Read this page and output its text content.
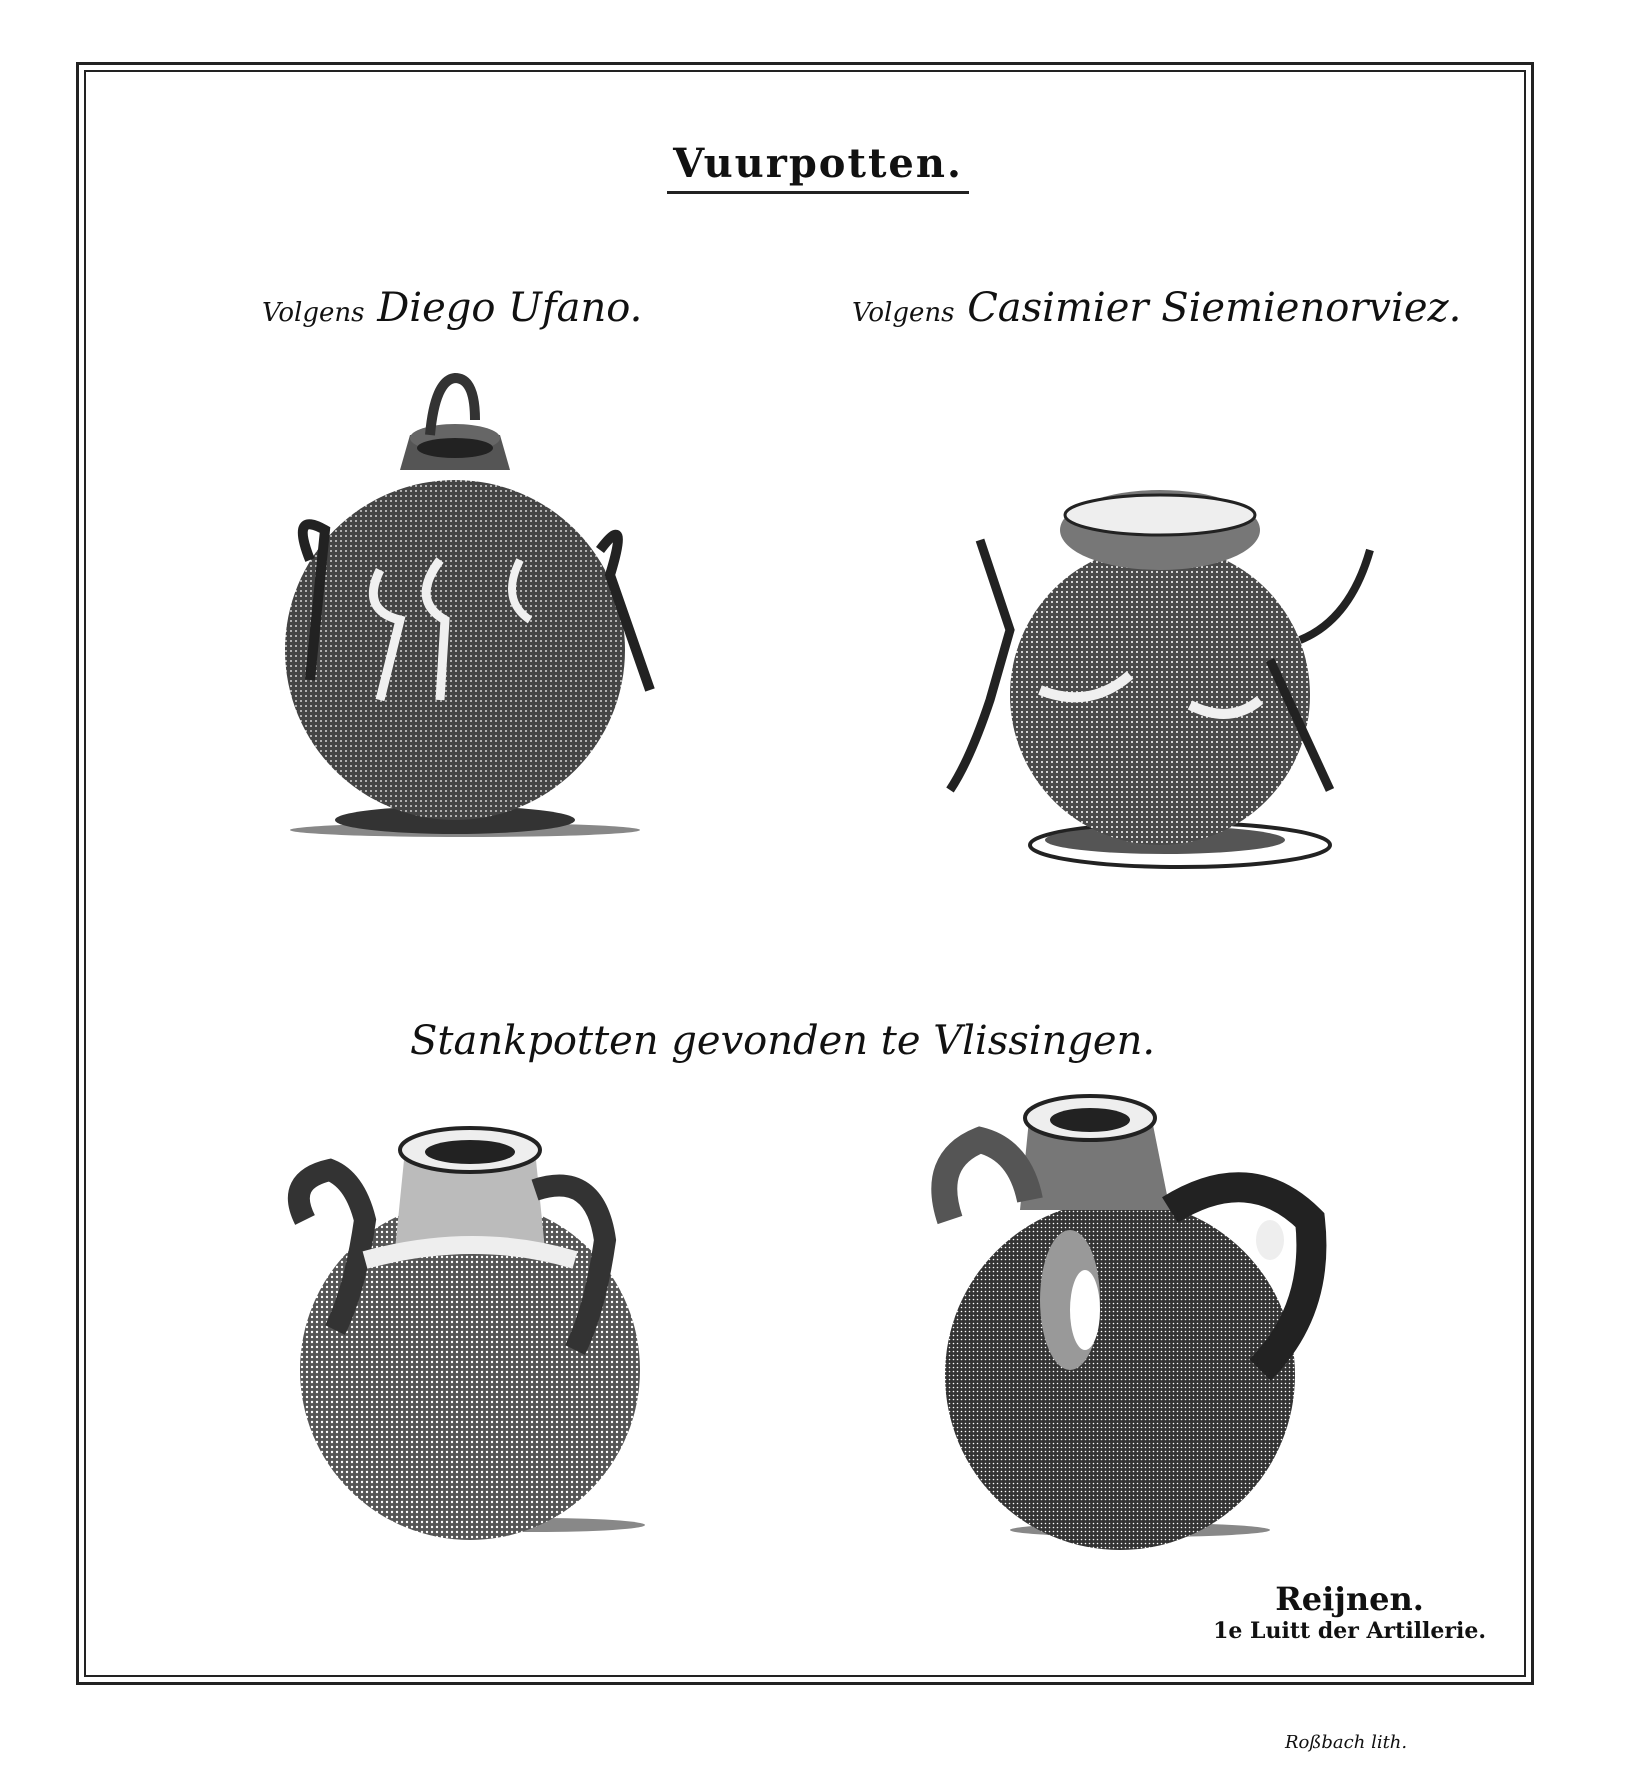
Vuurpotten.
Volgens Diego Ufano.	Volgens Casimier Siemienorviez.
Stankpotten gevonden te Vlissingen.
Reijnen.
1e Luitt der Artillerie.
Roßbach lith.
